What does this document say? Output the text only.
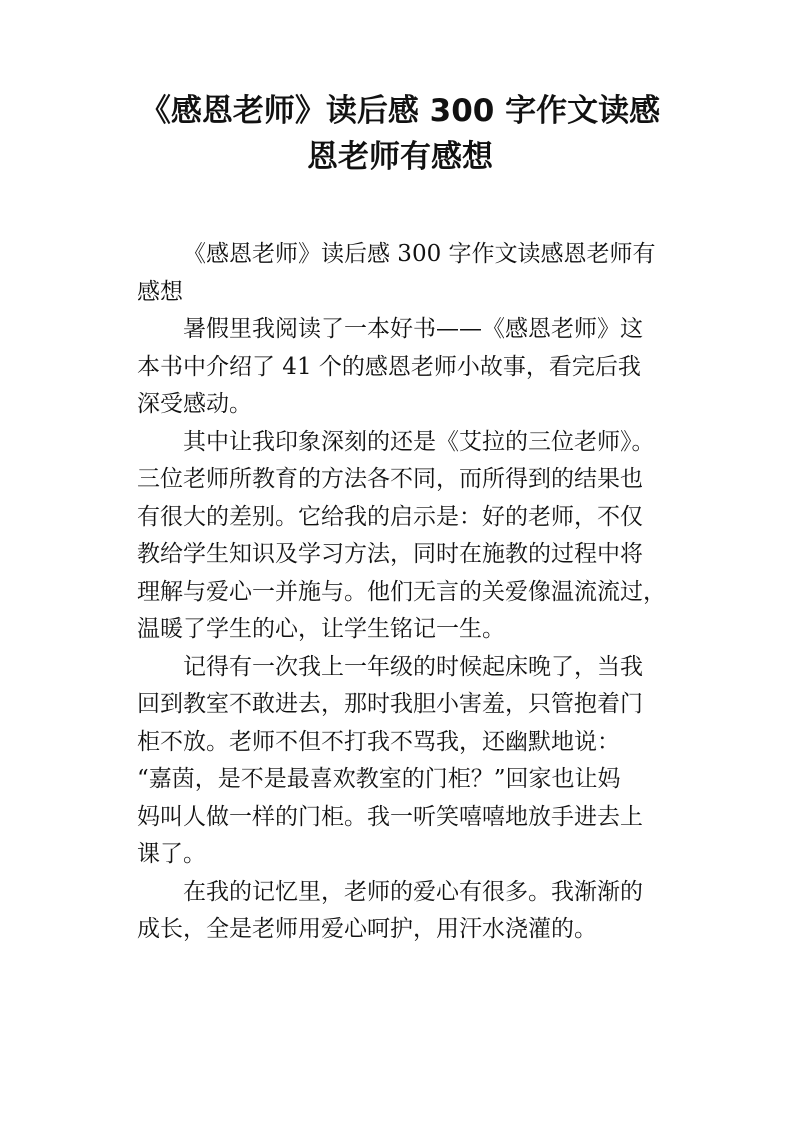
《感恩老师》读后感 300 字作文读感
恩老师有感想

《感恩老师》读后感 300 字作文读感恩老师有
感想

暑假里我阅读了一本好书——《感恩老师》这
本书中介绍了 41 个的感恩老师小故事，看完后我
深受感动。

其中让我印象深刻的还是《艾拉的三位老师》。
三位老师所教育的方法各不同，而所得到的结果也
有很大的差别。它给我的启示是：好的老师，不仅
教给学生知识及学习方法，同时在施教的过程中将
理解与爱心一并施与。他们无言的关爱像温流流过，
温暖了学生的心，让学生铭记一生。

记得有一次我上一年级的时候起床晚了，当我
回到教室不敢进去，那时我胆小害羞，只管抱着门
柜不放。老师不但不打我不骂我，还幽默地说：
“嘉茵，是不是最喜欢教室的门柜？”回家也让妈
妈叫人做一样的门柜。我一听笑嘻嘻地放手进去上
课了。

在我的记忆里，老师的爱心有很多。我渐渐的
成长，全是老师用爱心呵护，用汗水浇灌的。
